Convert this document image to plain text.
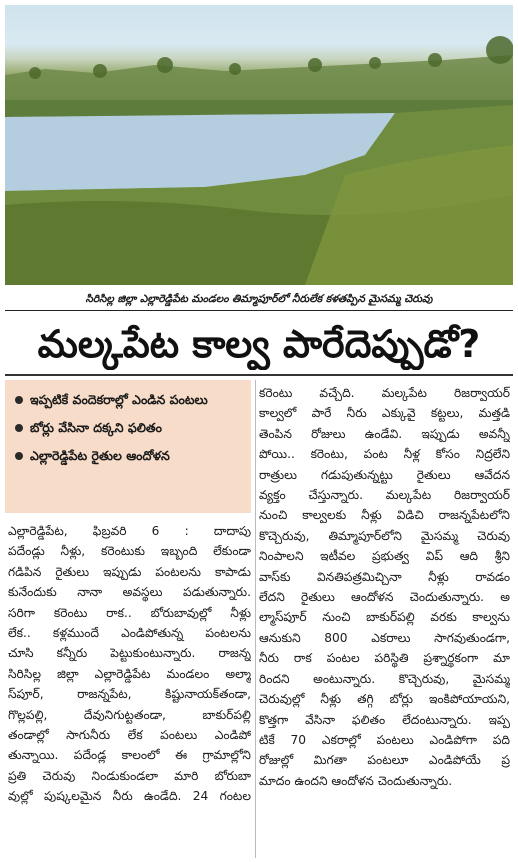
సిరిసిల్ల జిల్లా ఎల్లారెడ్డిపేట మండలం తిమ్మాపూర్‌లో నీరులేక కళతప్పిన మైసమ్మ చెరువు
మల్కపేట కాల్వ పారేదెప్పుడో?
ఇప్పటికే వందెకరాల్లో ఎండిన పంటలు
బోర్లు వేసినా దక్కని ఫలితం
ఎల్లారెడ్డిపేట రైతుల ఆందోళన
ఎల్లారెడ్డిపేట, ఫిబ్రవరి 6 : దాదాపు
పదేండ్లు నీళ్లు, కరెంటుకు ఇబ్బంది లేకుండా
గడిపిన రైతులు ఇప్పుడు పంటలను కాపాడు
కునేందుకు నానా అవస్థలు పడుతున్నారు.
సరిగా కరెంటు రాక.. బోరుబావుల్లో నీళ్లు
లేక.. కళ్లముందే ఎండిపోతున్న పంటలను
చూసి కన్నీరు పెట్టుకుంటున్నారు. రాజన్న
సిరిసిల్ల జిల్లా ఎల్లారెడ్డిపేట మండలం అల్మా
స్‌పూర్, రాజన్నపేట, కిష్టునాయక్‌తండా,
గొల్లపల్లి, దేవునిగుట్టతండా, బాకుర్‌పల్లి
తండాల్లో సాగునీరు లేక పంటలు ఎండిపో
తున్నాయి. పదేండ్ల కాలంలో ఈ గ్రామాల్లోని
ప్రతి చెరువు నిండుకుండలా మారి బోరుబా
వుల్లో పుష్కలమైన నీరు ఉండేది. 24 గంటల
కరెంటు వచ్చేది. మల్కపేట రిజర్వాయర్
కాల్వలో పారే నీరు ఎక్కువై కట్టలు, మత్తడి
తెంపిన రోజులు ఉండేవి. ఇప్పుడు అవన్నీ
పోయి.. కరెంటు, పంట నీళ్ల కోసం నిద్రలేని
రాత్రులు గడుపుతున్నట్టు రైతులు ఆవేదన
వ్యక్తం చేస్తున్నారు. మల్కపేట రిజర్వాయర్
నుంచి కాల్వలకు నీళ్లు విడిచి రాజన్నపేటలోని
కొచ్చెరువు, తిమ్మాపూర్‌లోని మైసమ్మ చెరువు
నింపాలని ఇటీవల ప్రభుత్వ విప్ ఆది శ్రీని
వాస్‌కు వినతిపత్రమిచ్చినా నీళ్లు రావడం
లేదని రైతులు ఆందోళన చెందుతున్నారు. అ
ల్మాస్‌పూర్ నుంచి బాకుర్‌పల్లి వరకు కాల్వను
ఆనుకుని 800 ఎకరాలు సాగవుతుండగా,
నీరు రాక పంటల పరిస్థితి ప్రశ్నార్థకంగా మా
రిందని అంటున్నారు. కొచ్చెరువు, మైసమ్మ
చెరువుల్లో నీళ్లు తగ్గి బోర్లు ఇంకిపోయాయని,
కొత్తగా వేసినా ఫలితం లేదంటున్నారు. ఇప్ప
టికే 70 ఎకరాల్లో పంటలు ఎండిపోగా పది
రోజుల్లో మిగతా పంటలూ ఎండిపోయే ప్ర
మాదం ఉందని ఆందోళన చెందుతున్నారు.
